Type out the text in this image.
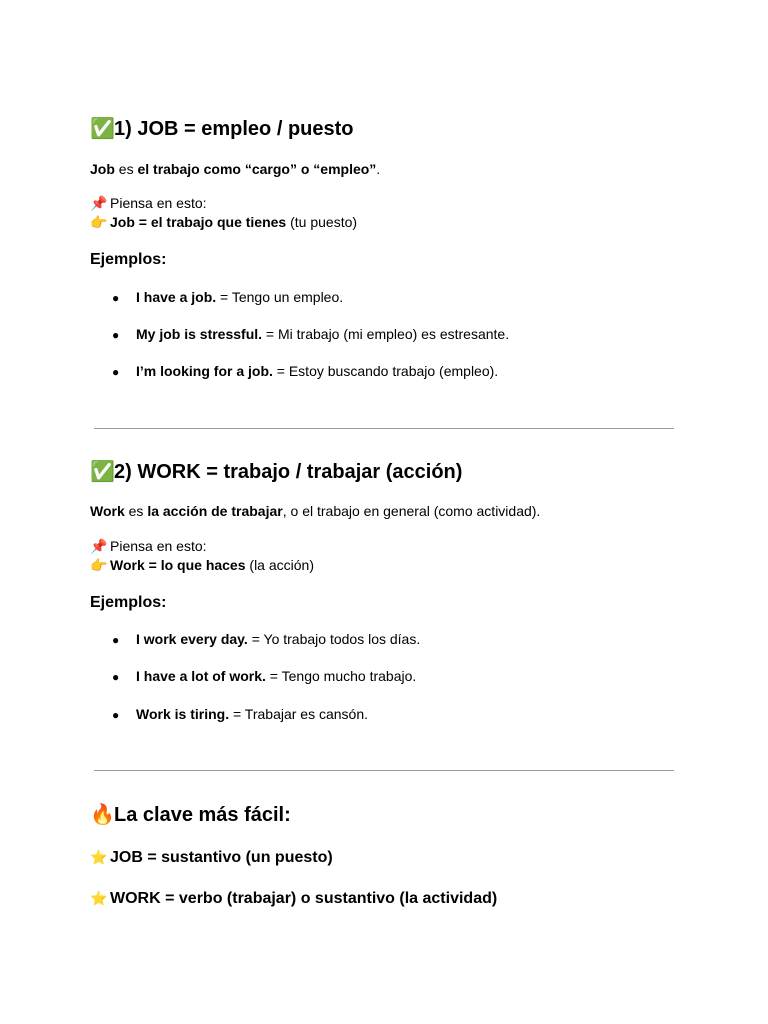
✅1) JOB = empleo / puesto
Job es el trabajo como “cargo” o “empleo”.
📌 Piensa en esto:
👉 Job = el trabajo que tienes (tu puesto)
Ejemplos:
● I have a job. = Tengo un empleo.
● My job is stressful. = Mi trabajo (mi empleo) es estresante.
● I’m looking for a job. = Estoy buscando trabajo (empleo).
✅2) WORK = trabajo / trabajar (acción)
Work es la acción de trabajar, o el trabajo en general (como actividad).
📌 Piensa en esto:
👉 Work = lo que haces (la acción)
Ejemplos:
● I work every day. = Yo trabajo todos los días.
● I have a lot of work. = Tengo mucho trabajo.
● Work is tiring. = Trabajar es cansón.
🔥La clave más fácil:
⭐ JOB = sustantivo (un puesto)
⭐ WORK = verbo (trabajar) o sustantivo (la actividad)
